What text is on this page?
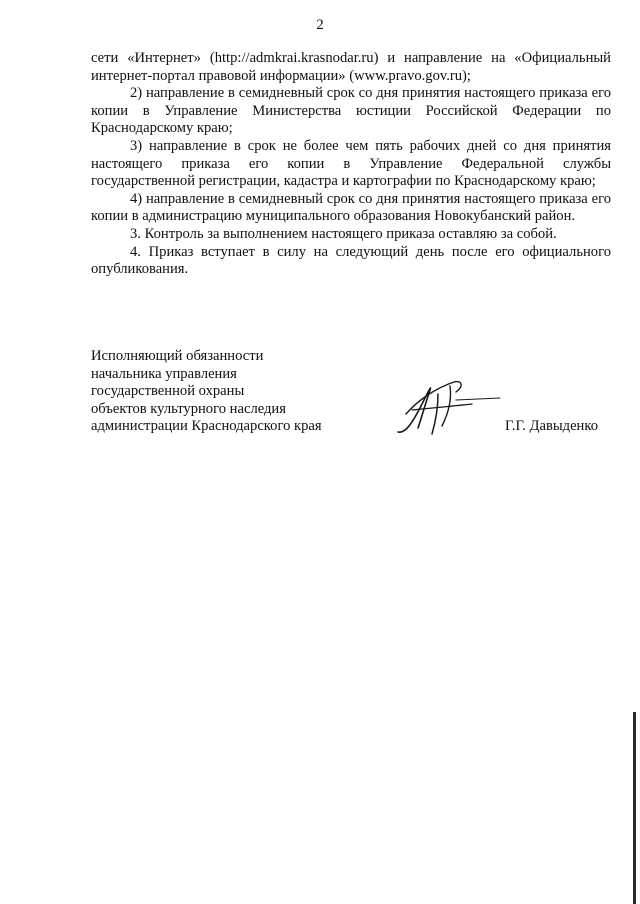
2

сети «Интернет» (http://admkrai.krasnodar.ru) и направление на «Официальный интернет-портал правовой информации» (www.pravo.gov.ru);

2) направление в семидневный срок со дня принятия настоящего приказа его копии в Управление Министерства юстиции Российской Федерации по Краснодарскому краю;

3) направление в срок не более чем пять рабочих дней со дня принятия настоящего приказа его копии в Управление Федеральной службы государственной регистрации, кадастра и картографии по Краснодарскому краю;

4) направление в семидневный срок со дня принятия настоящего приказа его копии в администрацию муниципального образования Новокубанский район.

3. Контроль за выполнением настоящего приказа оставляю за собой.

4. Приказ вступает в силу на следующий день после его официального опубликования.

Исполняющий обязанности
начальника управления
государственной охраны
объектов культурного наследия
администрации Краснодарского края	Г.Г. Давыденко
